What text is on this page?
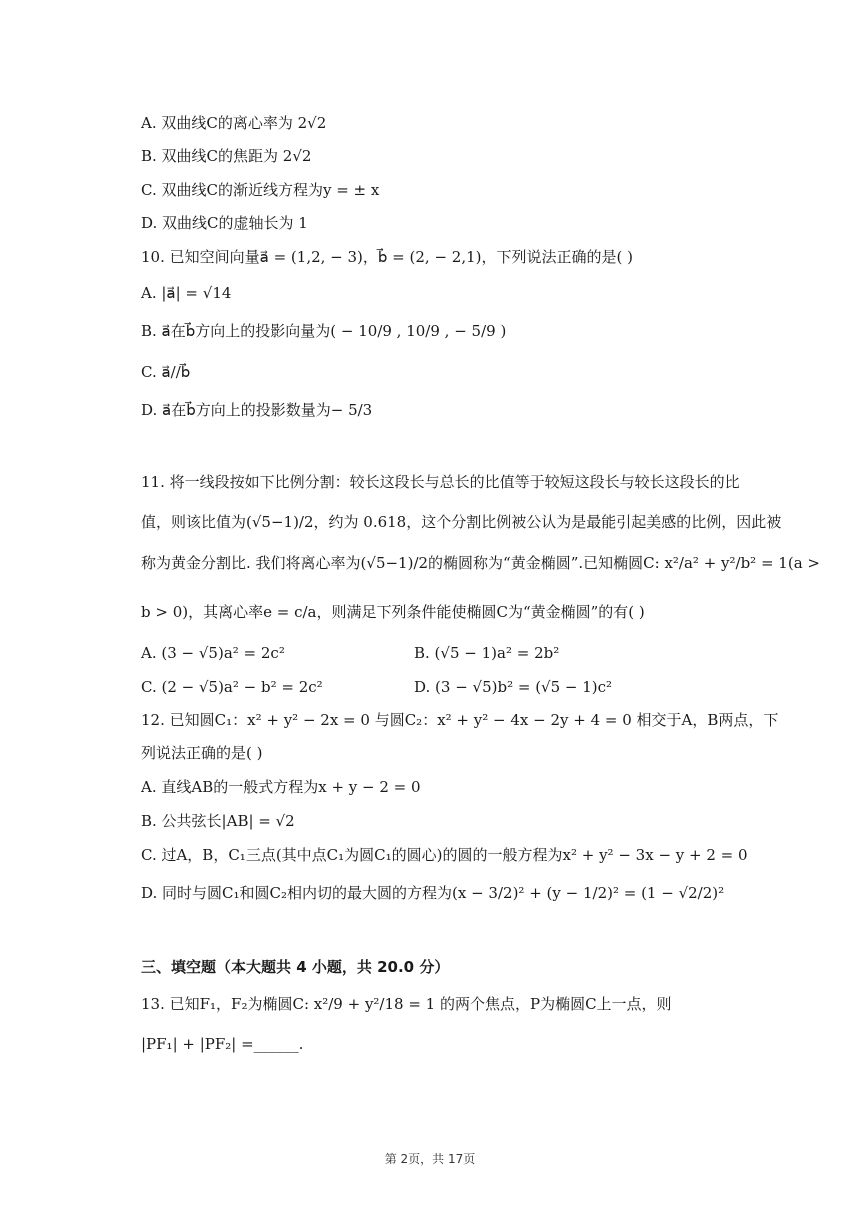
A. 双曲线C的离心率为 2√2
B. 双曲线C的焦距为 2√2
C. 双曲线C的渐近线方程为y = ± x
D. 双曲线C的虚轴长为 1
10. 已知空间向量a⃗ = (1,2, − 3)，b⃗ = (2, − 2,1)，下列说法正确的是( )
A. |a⃗| = √14
B. a⃗在b⃗方向上的投影向量为( − 10/9 , 10/9 , − 5/9 )
C. a⃗//b⃗
D. a⃗在b⃗方向上的投影数量为− 5/3
11. 将一线段按如下比例分割：较长这段长与总长的比值等于较短这段长与较长这段长的比
值，则该比值为(√5−1)/2，约为 0.618，这个分割比例被公认为是最能引起美感的比例，因此被
称为黄金分割比. 我们将离心率为(√5−1)/2的椭圆称为“黄金椭圆”.已知椭圆C: x²/a² + y²/b² = 1(a >
b > 0)，其离心率e = c/a，则满足下列条件能使椭圆C为“黄金椭圆”的有( )
A. (3 − √5)a² = 2c²	B. (√5 − 1)a² = 2b²
C. (2 − √5)a² − b² = 2c²	D. (3 − √5)b² = (√5 − 1)c²
12. 已知圆C₁：x² + y² − 2x = 0 与圆C₂：x² + y² − 4x − 2y + 4 = 0 相交于A，B两点，下
列说法正确的是( )
A. 直线AB的一般式方程为x + y − 2 = 0
B. 公共弦长|AB| = √2
C. 过A，B，C₁三点(其中点C₁为圆C₁的圆心)的圆的一般方程为x² + y² − 3x − y + 2 = 0
D. 同时与圆C₁和圆C₂相内切的最大圆的方程为(x − 3/2)² + (y − 1/2)² = (1 − √2/2)²
三、填空题（本大题共 4 小题，共 20.0 分）
13. 已知F₁，F₂为椭圆C: x²/9 + y²/18 = 1 的两个焦点，P为椭圆C上一点，则
|PF₁| + |PF₂| =______.
第 2页，共 17页
